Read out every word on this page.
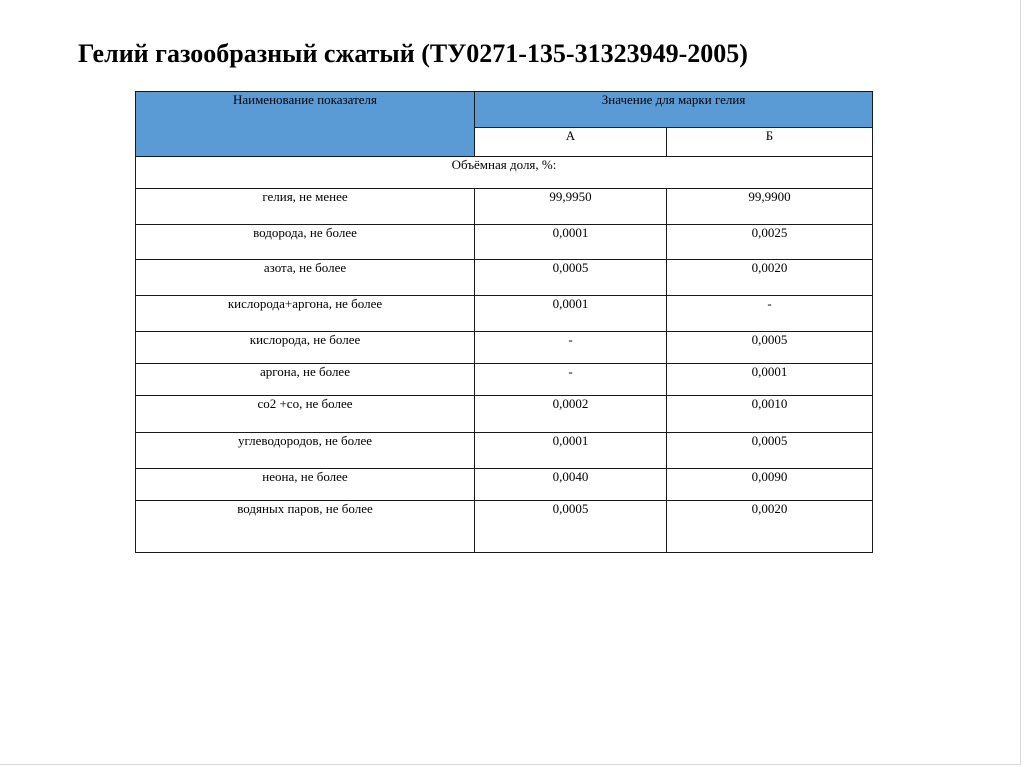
Гелий газообразный сжатый (ТУ0271-135-31323949-2005)
Наименование показателя	Значение для марки гелия	
	А	Б
Объёмная доля, %:		
гелия, не менее	99,9950	99,9900
водорода, не более	0,0001	0,0025
азота, не более	0,0005	0,0020
кислорода+аргона, не более	0,0001	-
кислорода, не более	-	0,0005
аргона, не более	-	0,0001
со2 +со, не более	0,0002	0,0010
углеводородов, не более	0,0001	0,0005
неона, не более	0,0040	0,0090
водяных паров, не более	0,0005	0,0020
